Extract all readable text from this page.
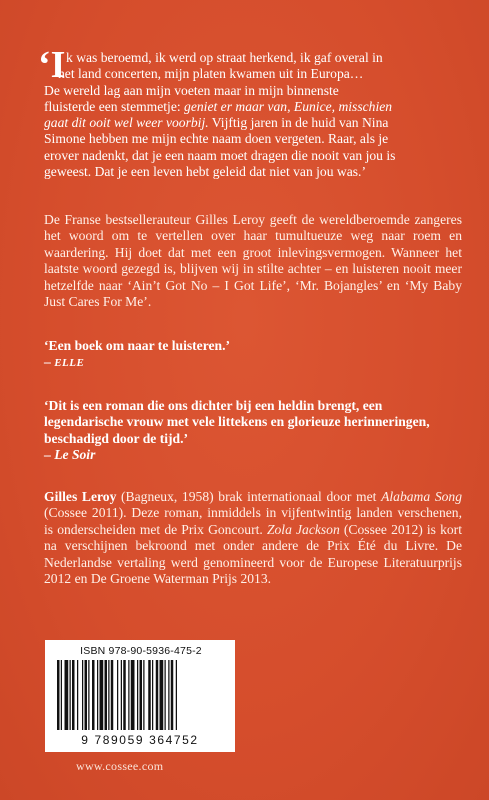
‘I k was beroemd, ik werd op straat herkend, ik gaf overal in

het land concerten, mijn platen kwamen uit in Europa…

De wereld lag aan mijn voeten maar in mijn binnenste

fluisterde een stemmetje: geniet er maar van, Eunice, misschien

gaat dit ooit wel weer voorbij. Vijftig jaren in de huid van Nina

Simone hebben me mijn echte naam doen vergeten. Raar, als je

erover nadenkt, dat je een naam moet dragen die nooit van jou is

geweest. Dat je een leven hebt geleid dat niet van jou was.’

De Franse bestsellerauteur Gilles Leroy geeft de wereldberoemde zangeres het woord om te vertellen over haar tumultueuze weg naar roem en waardering. Hij doet dat met een groot inlevingsvermogen. Wanneer het laatste woord gezegd is, blijven wij in stilte achter – en luisteren nooit meer hetzelfde naar ‘Ain’t Got No – I Got Life’, ‘Mr. Bojangles’ en ‘My Baby Just Cares For Me’.
‘Een boek om naar te luisteren.’
– ELLE
‘Dit is een roman die ons dichter bij een heldin brengt, een legendarische vrouw met vele littekens en glorieuze herinneringen, beschadigd door de tijd.’
– Le Soir
Gilles Leroy (Bagneux, 1958) brak internationaal door met Alabama Song (Cossee 2011). Deze roman, inmiddels in vijfentwintig landen verschenen, is onderscheiden met de Prix Goncourt. Zola Jackson (Cossee 2012) is kort na verschijnen bekroond met onder andere de Prix Été du Livre. De Nederlandse vertaling werd genomineerd voor de Europese Literatuurprijs 2012 en De Groene Waterman Prijs 2013.
ISBN 978-90-5936-475-2
9 789059 364752
www.cossee.com
